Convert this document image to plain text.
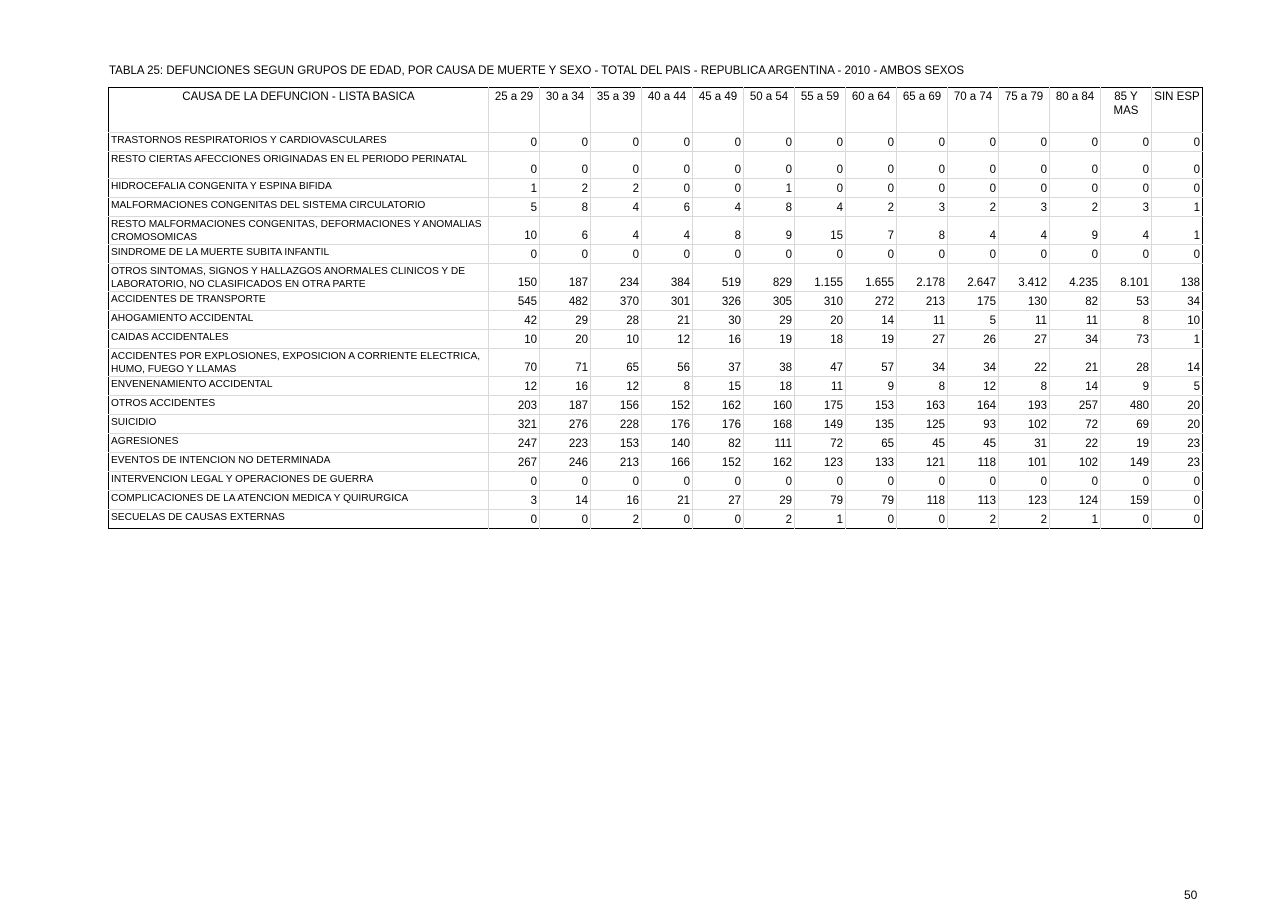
TABLA 25: DEFUNCIONES SEGUN GRUPOS DE EDAD, POR CAUSA DE MUERTE Y SEXO - TOTAL DEL PAIS - REPUBLICA ARGENTINA - 2010 - AMBOS SEXOS
CAUSA DE LA DEFUNCION - LISTA BASICA	25 a 29	30 a 34	35 a 39	40 a 44	45 a 49	50 a 54	55 a 59	60 a 64	65 a 69	70 a 74	75 a 79	80 a 84	85 Y MAS	SIN ESP
TRASTORNOS RESPIRATORIOS Y CARDIOVASCULARES	0	0	0	0	0	0	0	0	0	0	0	0	0	0
RESTO CIERTAS AFECCIONES ORIGINADAS EN EL PERIODO PERINATAL	0	0	0	0	0	0	0	0	0	0	0	0	0	0
HIDROCEFALIA CONGENITA Y ESPINA BIFIDA	1	2	2	0	0	1	0	0	0	0	0	0	0	0
MALFORMACIONES CONGENITAS DEL SISTEMA CIRCULATORIO	5	8	4	6	4	8	4	2	3	2	3	2	3	1
RESTO MALFORMACIONES CONGENITAS, DEFORMACIONES Y ANOMALIAS CROMOSOMICAS	10	6	4	4	8	9	15	7	8	4	4	9	4	1
SINDROME DE LA MUERTE SUBITA INFANTIL	0	0	0	0	0	0	0	0	0	0	0	0	0	0
OTROS SINTOMAS, SIGNOS Y HALLAZGOS ANORMALES CLINICOS Y DE LABORATORIO, NO CLASIFICADOS EN OTRA PARTE	150	187	234	384	519	829	1.155	1.655	2.178	2.647	3.412	4.235	8.101	138
ACCIDENTES DE TRANSPORTE	545	482	370	301	326	305	310	272	213	175	130	82	53	34
AHOGAMIENTO ACCIDENTAL	42	29	28	21	30	29	20	14	11	5	11	11	8	10
CAIDAS ACCIDENTALES	10	20	10	12	16	19	18	19	27	26	27	34	73	1
ACCIDENTES POR EXPLOSIONES, EXPOSICION A CORRIENTE ELECTRICA, HUMO, FUEGO Y LLAMAS	70	71	65	56	37	38	47	57	34	34	22	21	28	14
ENVENENAMIENTO ACCIDENTAL	12	16	12	8	15	18	11	9	8	12	8	14	9	5
OTROS ACCIDENTES	203	187	156	152	162	160	175	153	163	164	193	257	480	20
SUICIDIO	321	276	228	176	176	168	149	135	125	93	102	72	69	20
AGRESIONES	247	223	153	140	82	111	72	65	45	45	31	22	19	23
EVENTOS DE INTENCION NO DETERMINADA	267	246	213	166	152	162	123	133	121	118	101	102	149	23
INTERVENCION LEGAL Y OPERACIONES DE GUERRA	0	0	0	0	0	0	0	0	0	0	0	0	0	0
COMPLICACIONES DE LA ATENCION MEDICA Y QUIRURGICA	3	14	16	21	27	29	79	79	118	113	123	124	159	0
SECUELAS DE CAUSAS EXTERNAS	0	0	2	0	0	2	1	0	0	2	2	1	0	0
50
